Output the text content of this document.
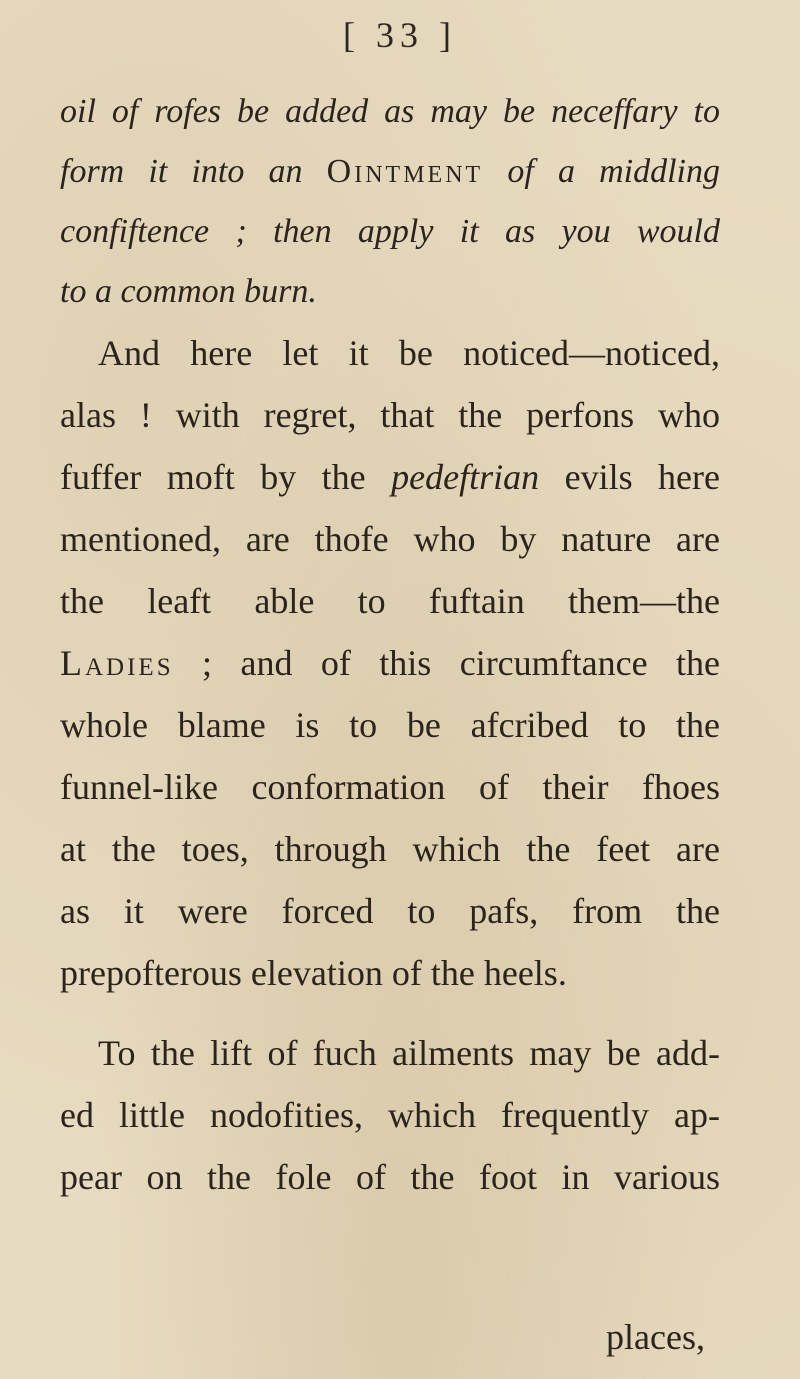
[ 33 ]
oil of rofes be added as may be neceffary to
form it into an Ointment of a middling
confiftence ; then apply it as you would
to a common burn.
And here let it be noticed—noticed,
alas ! with regret, that the perfons who
fuffer moft by the pedeftrian evils here
mentioned, are thofe who by nature are
the leaft able to fuftain them—the
Ladies ; and of this circumftance the
whole blame is to be afcribed to the
funnel-like conformation of their fhoes
at the toes, through which the feet are
as it were forced to pafs, from the
prepofterous elevation of the heels.
To the lift of fuch ailments may be add-
ed little nodofities, which frequently ap-
pear on the fole of the foot in various
places,
